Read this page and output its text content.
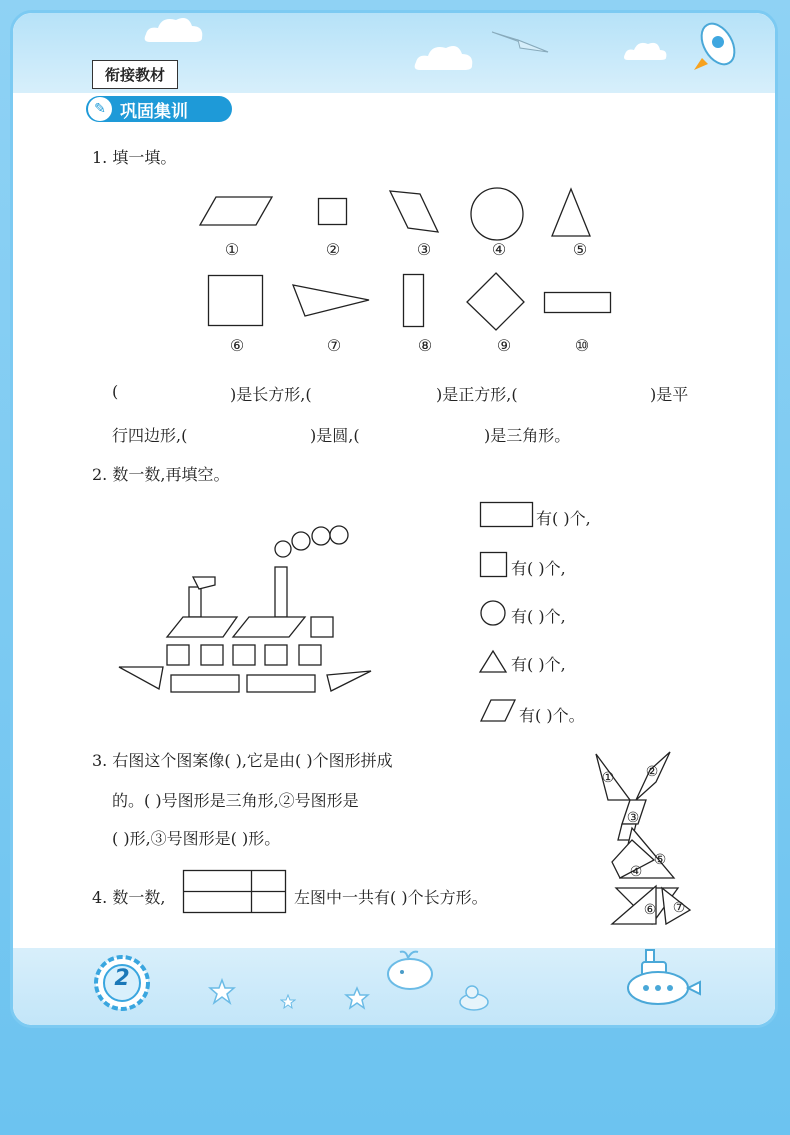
衔接教材
✎ 巩固集训
1. 填一填。
①	②	③	④	⑤
⑥	⑦	⑧	⑨	⑩
(	)是长方形,(	)是正方形,(	)是平
行四边形,(	)是圆,(	)是三角形。
2. 数一数,再填空。
有( )个,
有( )个,
有( )个,
有( )个,
有( )个。
3. 右图这个图案像( ),它是由( )个图形拼成
的。( )号图形是三角形,②号图形是
( )形,③号图形是( )形。
①	②
③
④
⑤
⑥	⑦
4. 数一数,	左图中一共有( )个长方形。
2
